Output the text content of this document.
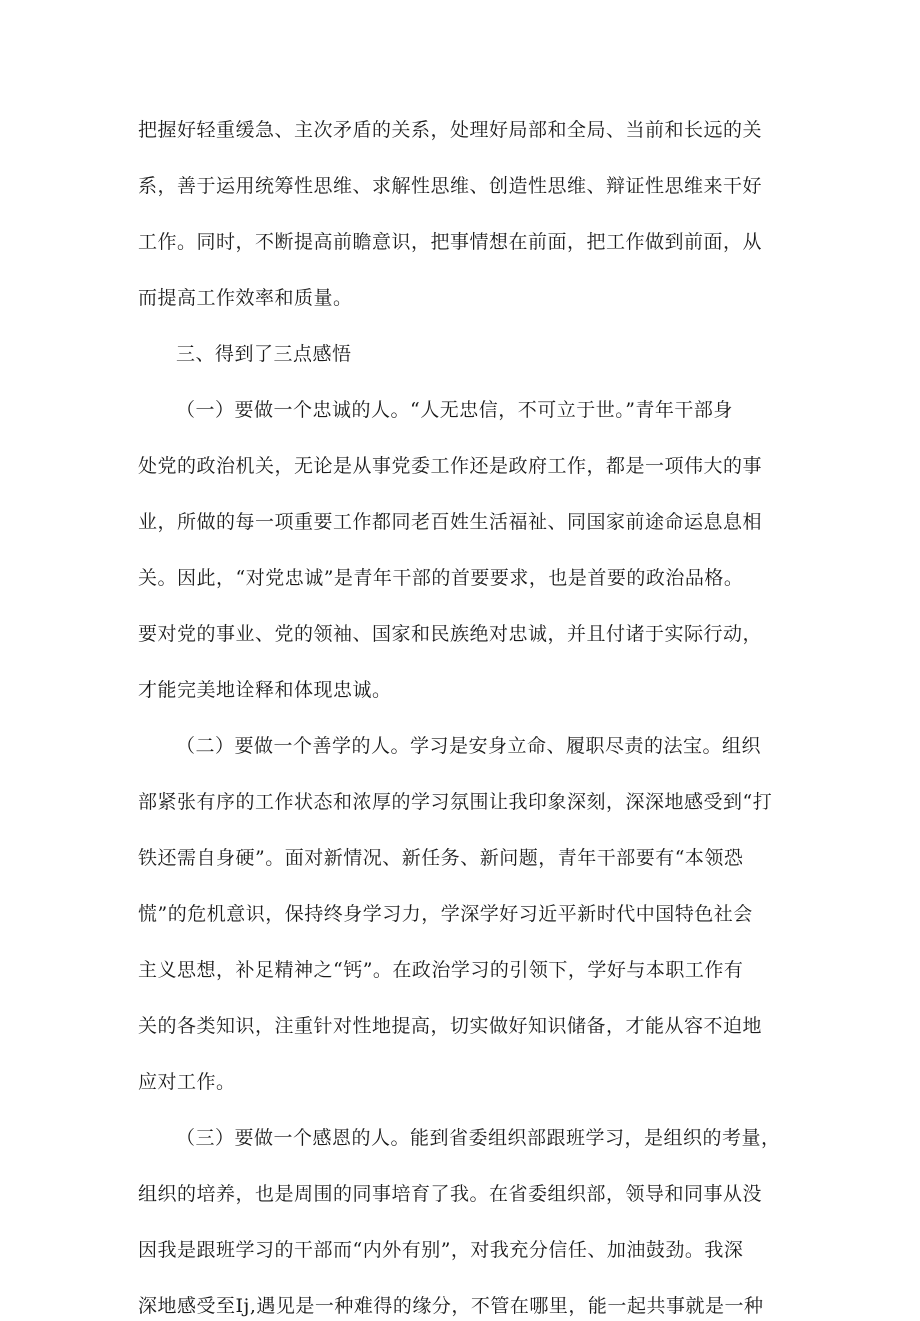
把握好轻重缓急、主次矛盾的关系，处理好局部和全局、当前和长远的关
系，善于运用统筹性思维、求解性思维、创造性思维、辩证性思维来干好
工作。同时，不断提高前瞻意识，把事情想在前面，把工作做到前面，从
而提高工作效率和质量。
三、得到了三点感悟
（一）要做一个忠诚的人。“人无忠信，不可立于世。”青年干部身
处党的政治机关，无论是从事党委工作还是政府工作，都是一项伟大的事
业，所做的每一项重要工作都同老百姓生活福祉、同国家前途命运息息相
关。因此，“对党忠诚”是青年干部的首要要求，也是首要的政治品格。
要对党的事业、党的领袖、国家和民族绝对忠诚，并且付诸于实际行动，
才能完美地诠释和体现忠诚。
（二）要做一个善学的人。学习是安身立命、履职尽责的法宝。组织
部紧张有序的工作状态和浓厚的学习氛围让我印象深刻，深深地感受到“打
铁还需自身硬”。面对新情况、新任务、新问题，青年干部要有“本领恐
慌”的危机意识，保持终身学习力，学深学好习近平新时代中国特色社会
主义思想，补足精神之“钙”。在政治学习的引领下，学好与本职工作有
关的各类知识，注重针对性地提高，切实做好知识储备，才能从容不迫地
应对工作。
（三）要做一个感恩的人。能到省委组织部跟班学习，是组织的考量，
组织的培养，也是周围的同事培育了我。在省委组织部，领导和同事从没
因我是跟班学习的干部而“内外有别”，对我充分信任、加油鼓劲。我深
深地感受至Ij,遇见是一种难得的缘分，不管在哪里，能一起共事就是一种
